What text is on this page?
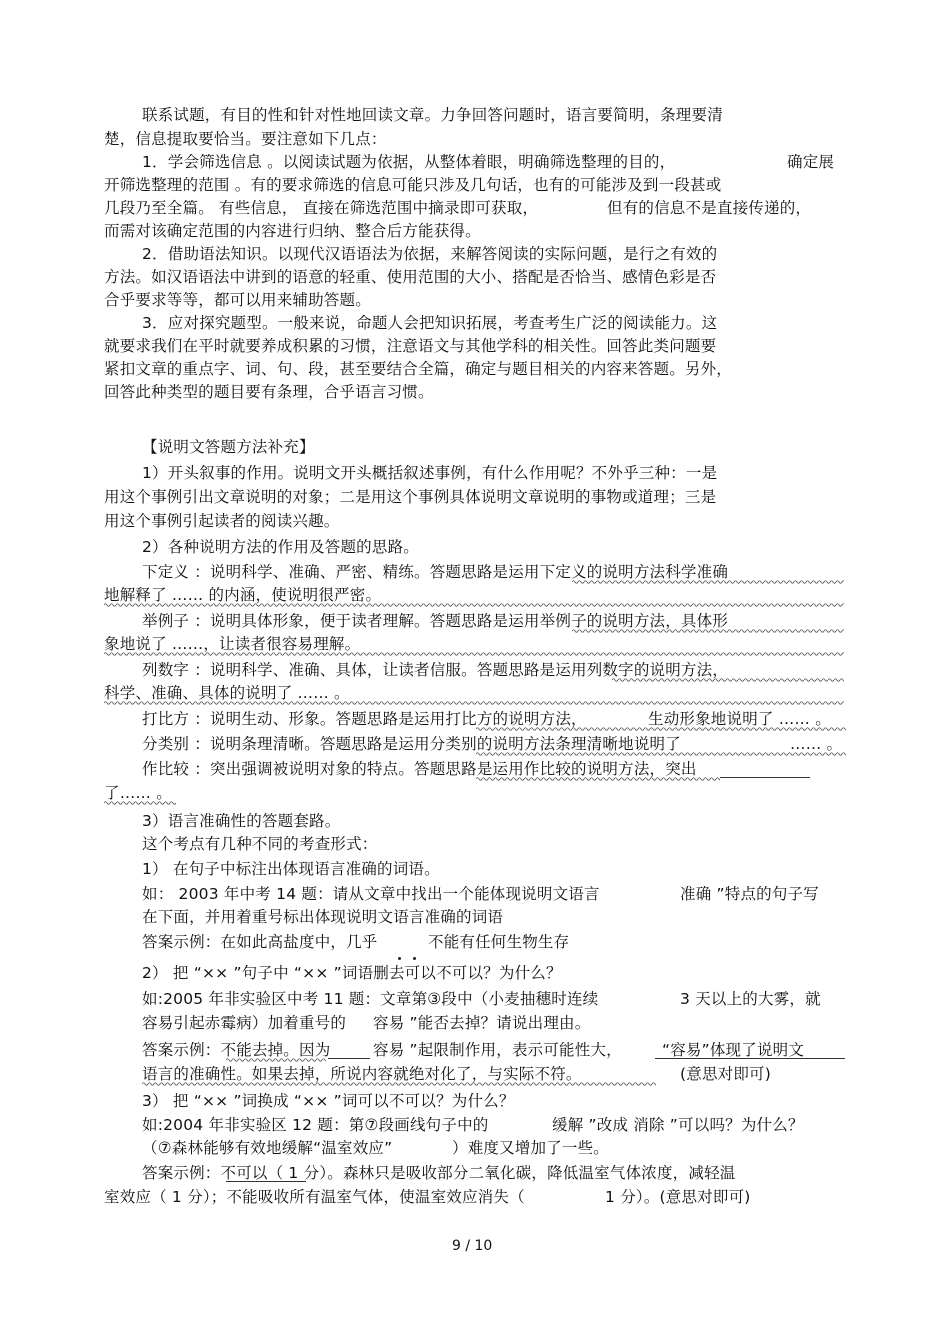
联系试题，有目的性和针对性地回读文章。力争回答问题时，语言要简明，条理要清
楚，信息提取要恰当。要注意如下几点：
1．学会筛选信息 。以阅读试题为依据，从整体着眼，明确筛选整理的目的，	确定展
开筛选整理的范围 。有的要求筛选的信息可能只涉及几句话，也有的可能涉及到一段甚或
几段乃至全篇。 有些信息， 直接在筛选范围中摘录即可获取，	但有的信息不是直接传递的，
而需对该确定范围的内容进行归纳、整合后方能获得。
2．借助语法知识。以现代汉语语法为依据，来解答阅读的实际问题，是行之有效的
方法。如汉语语法中讲到的语意的轻重、使用范围的大小、搭配是否恰当、感情色彩是否
合乎要求等等，都可以用来辅助答题。
3．应对探究题型。一般来说，命题人会把知识拓展，考查考生广泛的阅读能力。这
就要求我们在平时就要养成积累的习惯，注意语文与其他学科的相关性。回答此类问题要
紧扣文章的重点字、词、句、段，甚至要结合全篇，确定与题目相关的内容来答题。另外，
回答此种类型的题目要有条理，合乎语言习惯。
【说明文答题方法补充】
1）开头叙事的作用。说明文开头概括叙述事例，有什么作用呢？不外乎三种：一是
用这个事例引出文章说明的对象；二是用这个事例具体说明文章说明的事物或道理；三是
用这个事例引起读者的阅读兴趣。
2）各种说明方法的作用及答题的思路。
下定义 ：说明科学、准确、严密、精练。答题思路是运用下定义的说明方法科学准确
地解释了 …… 的内涵，使说明很严密。
举例子 ：说明具体形象，便于读者理解。答题思路是运用举例子的说明方法，具体形
象地说了 ……，让读者很容易理解。
列数字 ：说明科学、准确、具体，让读者信服。答题思路是运用列数字的说明方法，
科学、准确、具体的说明了 …… 。
打比方 ：说明生动、形象。答题思路是运用打比方的说明方法，	生动形象地说明了 …… 。
分类别 ：说明条理清晰。答题思路是运用分类别的说明方法条理清晰地说明了	…… 。
作比较 ：突出强调被说明对象的特点。答题思路是运用作比较的说明方法，突出
了…… 。
3）语言准确性的答题套路。
这个考点有几种不同的考查形式：
1） 在句子中标注出体现语言准确的词语。
如： 2003 年中考 14 题：请从文章中找出一个能体现说明文语言	准确 ”特点的句子写
在下面，并用着重号标出体现说明文语言准确的词语
答案示例：在如此高盐度中，几乎	不能有任何生物生存
2） 把 “×× ”句子中 “×× ”词语删去可以不可以？为什么？
如:2005 年非实验区中考 11 题：文章第③段中（小麦抽穗时连续	3 天以上的大雾，就
容易引起赤霉病）加着重号的 容易 ”能否去掉？请说出理由。
答案示例：不能去掉。因为	容易 ”起限制作用，表示可能性大，	“容易”体现了说明文
语言的准确性。如果去掉，所说内容就绝对化了，与实际不符。	(意思对即可)
3） 把 “×× ”词换成 “×× ”词可以不可以？为什么？
如:2004 年非实验区 12 题：第⑦段画线句子中的	缓解 ”改成 消除 ”可以吗？为什么？
（⑦森林能够有效地缓解“温室效应”	）难度又增加了一些。
答案示例：不可以（ 1 分）。森林只是吸收部分二氧化碳，降低温室气体浓度，减轻温
室效应（ 1 分）；不能吸收所有温室气体，使温室效应消失（	1 分）。(意思对即可)
9 / 10
